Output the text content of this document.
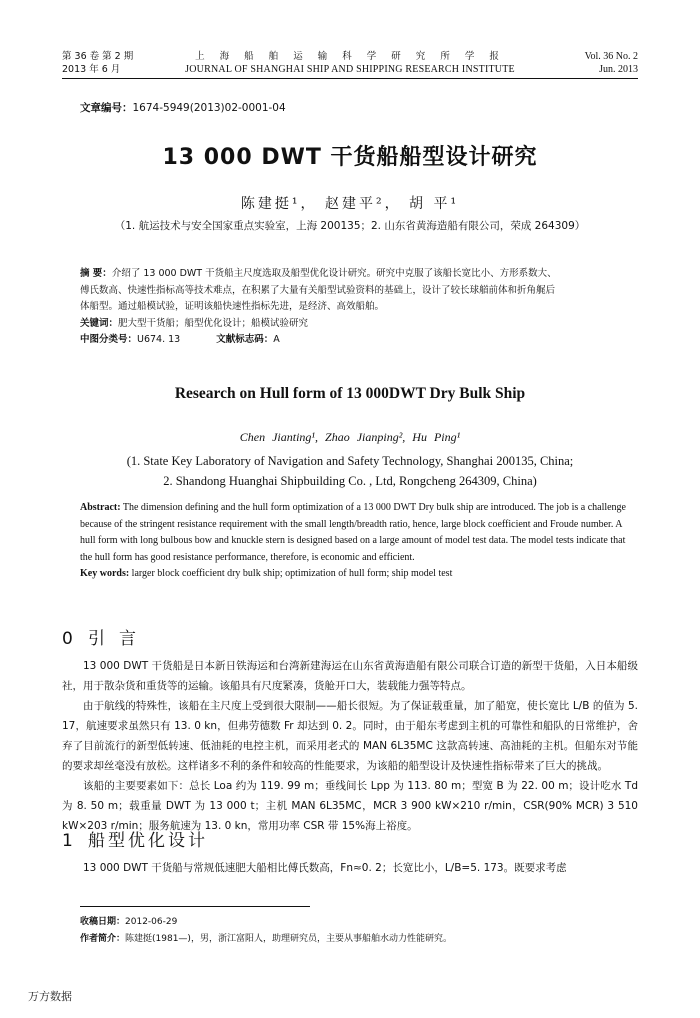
第 36 卷 第 2 期
2013 年 6 月
上 海 船 舶 运 输 科 学 研 究 所 学 报
JOURNAL OF SHANGHAI SHIP AND SHIPPING RESEARCH INSTITUTE
Vol. 36 No. 2
Jun. 2013
文章编号：1674-5949(2013)02-0001-04
13 000 DWT 干货船船型设计研究
陈建挺¹， 赵建平²， 胡 平¹
（1. 航运技术与安全国家重点实验室，上海 200135；2. 山东省黄海造船有限公司，荣成 264309）
摘 要：介绍了 13 000 DWT 干货船主尺度选取及船型优化设计研究。研究中克服了该船长宽比小、方形系数大、
傅氏数高、快速性指标高等技术难点，在积累了大量有关船型试验资料的基础上，设计了较长球艏前体和折角艉后
体船型。通过船模试验，证明该船快速性指标先进，是经济、高效船舶。
关键词：肥大型干货船；船型优化设计；船模试验研究
中图分类号：U674. 13	文献标志码：A
Research on Hull form of 13 000DWT Dry Bulk Ship
Chen Jianting¹, Zhao Jianping², Hu Ping¹
(1. State Key Laboratory of Navigation and Safety Technology, Shanghai 200135, China;
2. Shandong Huanghai Shipbuilding Co. , Ltd, Rongcheng 264309, China)
Abstract: The dimension defining and the hull form optimization of a 13 000 DWT Dry bulk ship are introduced. The job is a challenge because of the stringent resistance requirement with the small length/breadth ratio, hence, large block coefficient and Froude number. A hull form with long bulbous bow and knuckle stern is designed based on a large amount of model test data. The model tests indicate that the hull form has good resistance performance, therefore, is economic and efficient.
Key words: larger block coefficient dry bulk ship; optimization of hull form; ship model test
0 引言

13 000 DWT 干货船是日本新日铁海运和台湾新建海运在山东省黄海造船有限公司联合订造的新型干货船，入日本船级社，用于散杂货和重货等的运输。该船具有尺度紧凑，货舱开口大，装载能力强等特点。

由于航线的特殊性，该船在主尺度上受到很大限制——船长很短。为了保证载重量，加了船宽，使长宽比 L/B 的值为 5. 17，航速要求虽然只有 13. 0 kn，但弗劳德数 Fr 却达到 0. 2。同时，由于船东考虑到主机的可靠性和船队的日常维护，舍弃了目前流行的新型低转速、低油耗的电控主机，而采用老式的 MAN 6L35MC 这款高转速、高油耗的主机。但船东对节能的要求却丝毫没有放松。这样诸多不利的条件和较高的性能要求，为该船的船型设计及快速性指标带来了巨大的挑战。

该船的主要要素如下：总长 Loa 约为 119. 99 m；垂线间长 Lpp 为 113. 80 m；型宽 B 为 22. 00 m；设计吃水 Td 为 8. 50 m；载重量 DWT 为 13 000 t；主机 MAN 6L35MC，MCR 3 900 kW×210 r/min，CSR(90% MCR) 3 510 kW×203 r/min；服务航速为 13. 0 kn，常用功率 CSR 带 15%海上裕度。

1 船型优化设计

13 000 DWT 干货船与常规低速肥大船相比傅氏数高，Fn≈0. 2；长宽比小，L/B=5. 173。既要求考虑

收稿日期：2012-06-29
作者简介：陈建挺(1981—)，男，浙江富阳人，助理研究员，主要从事船舶水动力性能研究。
万方数据
